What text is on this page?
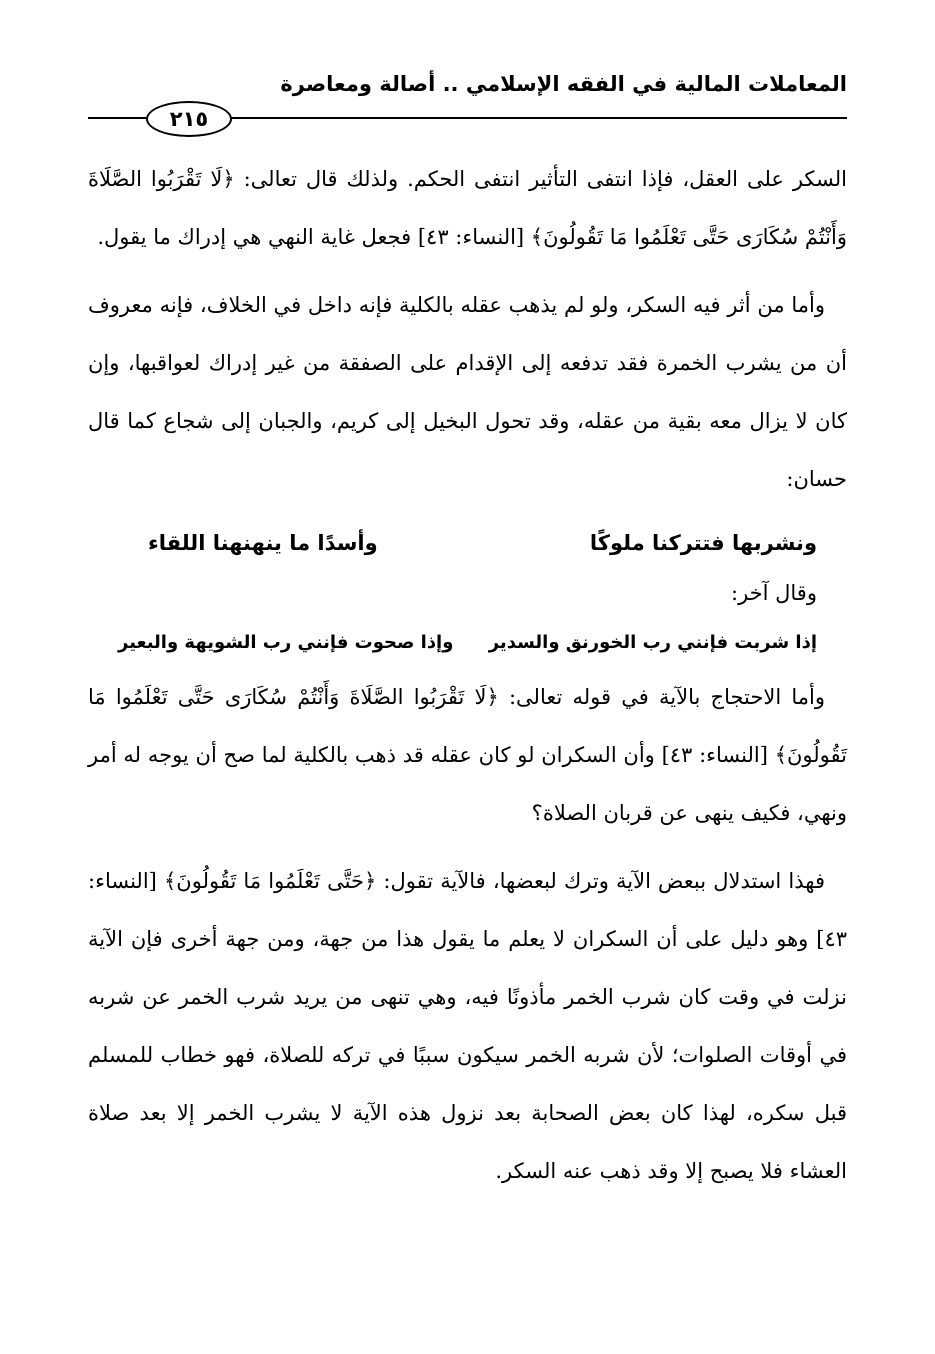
المعاملات المالية في الفقه الإسلامي .. أصالة ومعاصرة
٢١٥

السكر على العقل، فإذا انتفى التأثير انتفى الحكم. ولذلك قال تعالى: ﴿لَا تَقْرَبُوا الصَّلَاةَ وَأَنْتُمْ سُكَارَى حَتَّى تَعْلَمُوا مَا تَقُولُونَ﴾ [النساء: ٤٣] فجعل غاية النهي هي إدراك ما يقول.

وأما من أثر فيه السكر، ولو لم يذهب عقله بالكلية فإنه داخل في الخلاف، فإنه معروف أن من يشرب الخمرة فقد تدفعه إلى الإقدام على الصفقة من غير إدراك لعواقبها، وإن كان لا يزال معه بقية من عقله، وقد تحول البخيل إلى كريم، والجبان إلى شجاع كما قال حسان:

ونشربها فتتركنا ملوكًا
وأسدًا ما ينهنهنا اللقاء

وقال آخر:

إذا شربت فإنني رب الخورنق والسدير
وإذا صحوت فإنني رب الشويهة والبعير

وأما الاحتجاج بالآية في قوله تعالى: ﴿لَا تَقْرَبُوا الصَّلَاةَ وَأَنْتُمْ سُكَارَى حَتَّى تَعْلَمُوا مَا تَقُولُونَ﴾ [النساء: ٤٣] وأن السكران لو كان عقله قد ذهب بالكلية لما صح أن يوجه له أمر ونهي، فكيف ينهى عن قربان الصلاة؟

فهذا استدلال ببعض الآية وترك لبعضها، فالآية تقول: ﴿حَتَّى تَعْلَمُوا مَا تَقُولُونَ﴾ [النساء: ٤٣] وهو دليل على أن السكران لا يعلم ما يقول هذا من جهة، ومن جهة أخرى فإن الآية نزلت في وقت كان شرب الخمر مأذونًا فيه، وهي تنهى من يريد شرب الخمر عن شربه في أوقات الصلوات؛ لأن شربه الخمر سيكون سببًا في تركه للصلاة، فهو خطاب للمسلم قبل سكره، لهذا كان بعض الصحابة بعد نزول هذه الآية لا يشرب الخمر إلا بعد صلاة العشاء فلا يصبح إلا وقد ذهب عنه السكر.
